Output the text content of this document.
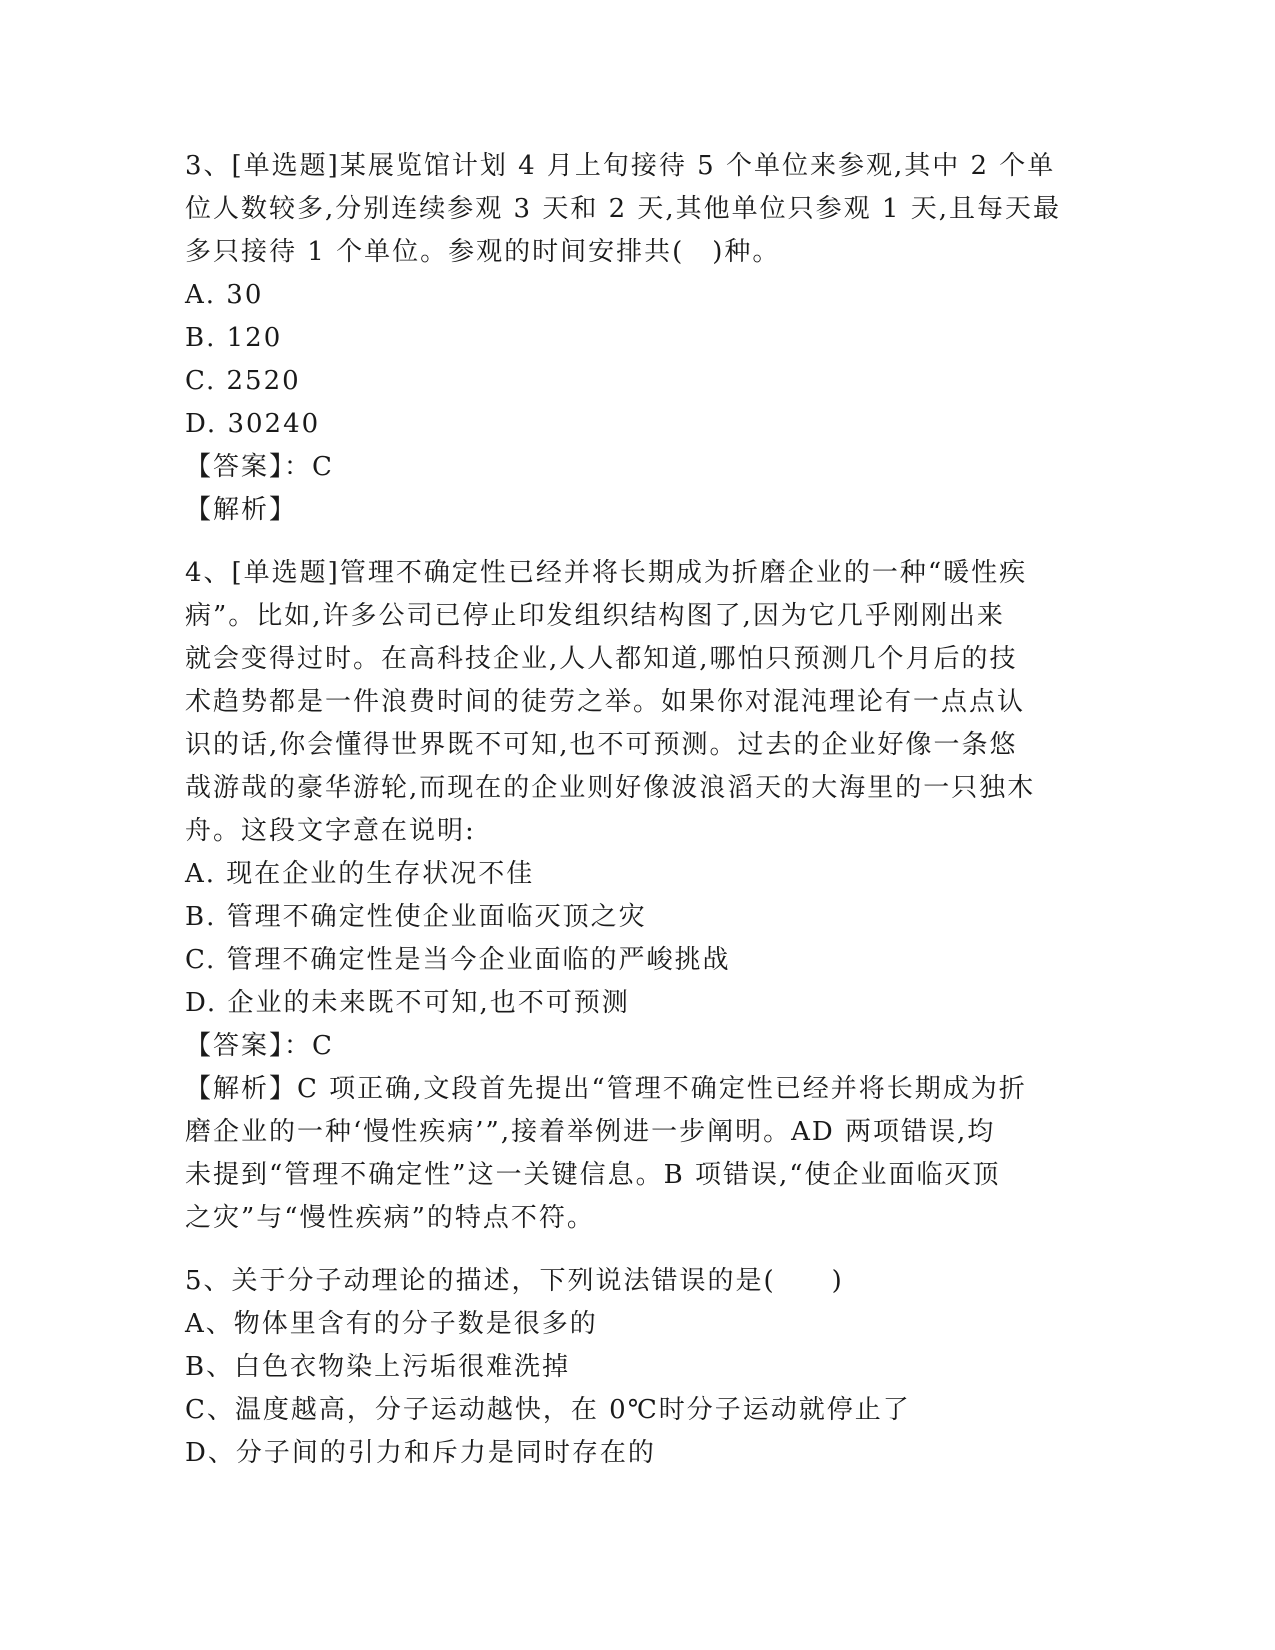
3、[单选题]某展览馆计划 4 月上旬接待 5 个单位来参观,其中 2 个单
位人数较多,分别连续参观 3 天和 2 天,其他单位只参观 1 天,且每天最
多只接待 1 个单位。参观的时间安排共(　)种。
A. 30
B. 120
C. 2520
D. 30240
【答案】：C
【解析】
4、[单选题]管理不确定性已经并将长期成为折磨企业的一种“暖性疾
病”。比如,许多公司已停止印发组织结构图了,因为它几乎刚刚出来
就会变得过时。在高科技企业,人人都知道,哪怕只预测几个月后的技
术趋势都是一件浪费时间的徒劳之举。如果你对混沌理论有一点点认
识的话,你会懂得世界既不可知,也不可预测。过去的企业好像一条悠
哉游哉的豪华游轮,而现在的企业则好像波浪滔天的大海里的一只独木
舟。这段文字意在说明:
A. 现在企业的生存状况不佳
B. 管理不确定性使企业面临灭顶之灾
C. 管理不确定性是当今企业面临的严峻挑战
D. 企业的未来既不可知,也不可预测
【答案】：C
【解析】C 项正确,文段首先提出“管理不确定性已经并将长期成为折
磨企业的一种‘慢性疾病’”,接着举例进一步阐明。AD 两项错误,均
未提到“管理不确定性”这一关键信息。B 项错误,“使企业面临灭顶
之灾”与“慢性疾病”的特点不符。
5、关于分子动理论的描述，下列说法错误的是(　　)
A、物体里含有的分子数是很多的
B、白色衣物染上污垢很难洗掉
C、温度越高，分子运动越快，在 0℃时分子运动就停止了
D、分子间的引力和斥力是同时存在的
